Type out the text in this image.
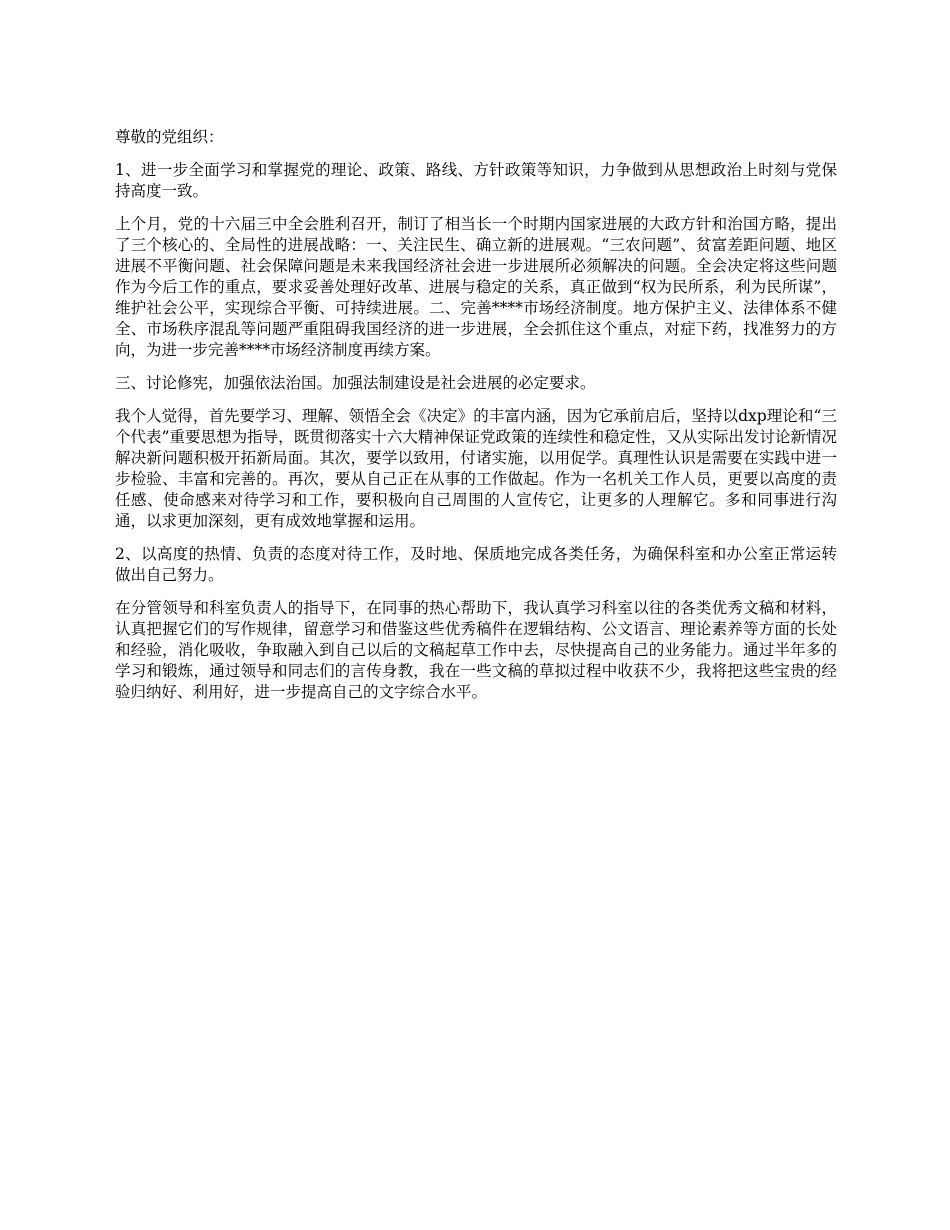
尊敬的党组织：

1、进一步全面学习和掌握党的理论、政策、路线、方针政策等知识，力争做到从思想政治上时刻与党保持高度一致。

上个月，党的十六届三中全会胜利召开，制订了相当长一个时期内国家进展的大政方针和治国方略，提出了三个核心的、全局性的进展战略：一、关注民生、确立新的进展观。“三农问题”、贫富差距问题、地区进展不平衡问题、社会保障问题是未来我国经济社会进一步进展所必须解决的问题。全会决定将这些问题作为今后工作的重点，要求妥善处理好改革、进展与稳定的关系，真正做到“权为民所系，利为民所谋”，维护社会公平，实现综合平衡、可持续进展。二、完善****市场经济制度。地方保护主义、法律体系不健全、市场秩序混乱等问题严重阻碍我国经济的进一步进展，全会抓住这个重点，对症下药，找准努力的方向，为进一步完善****市场经济制度再续方案。

三、讨论修宪，加强依法治国。加强法制建设是社会进展的必定要求。

我个人觉得，首先要学习、理解、领悟全会《决定》的丰富内涵，因为它承前启后，坚持以dxp理论和“三个代表”重要思想为指导，既贯彻落实十六大精神保证党政策的连续性和稳定性，又从实际出发讨论新情况解决新问题积极开拓新局面。其次，要学以致用，付诸实施，以用促学。真理性认识是需要在实践中进一步检验、丰富和完善的。再次，要从自己正在从事的工作做起。作为一名机关工作人员，更要以高度的责任感、使命感来对待学习和工作，要积极向自己周围的人宣传它，让更多的人理解它。多和同事进行沟通，以求更加深刻，更有成效地掌握和运用。

2、以高度的热情、负责的态度对待工作，及时地、保质地完成各类任务，为确保科室和办公室正常运转做出自己努力。

在分管领导和科室负责人的指导下，在同事的热心帮助下，我认真学习科室以往的各类优秀文稿和材料，认真把握它们的写作规律，留意学习和借鉴这些优秀稿件在逻辑结构、公文语言、理论素养等方面的长处和经验，消化吸收，争取融入到自己以后的文稿起草工作中去，尽快提高自己的业务能力。通过半年多的学习和锻炼，通过领导和同志们的言传身教，我在一些文稿的草拟过程中收获不少，我将把这些宝贵的经验归纳好、利用好，进一步提高自己的文字综合水平。
